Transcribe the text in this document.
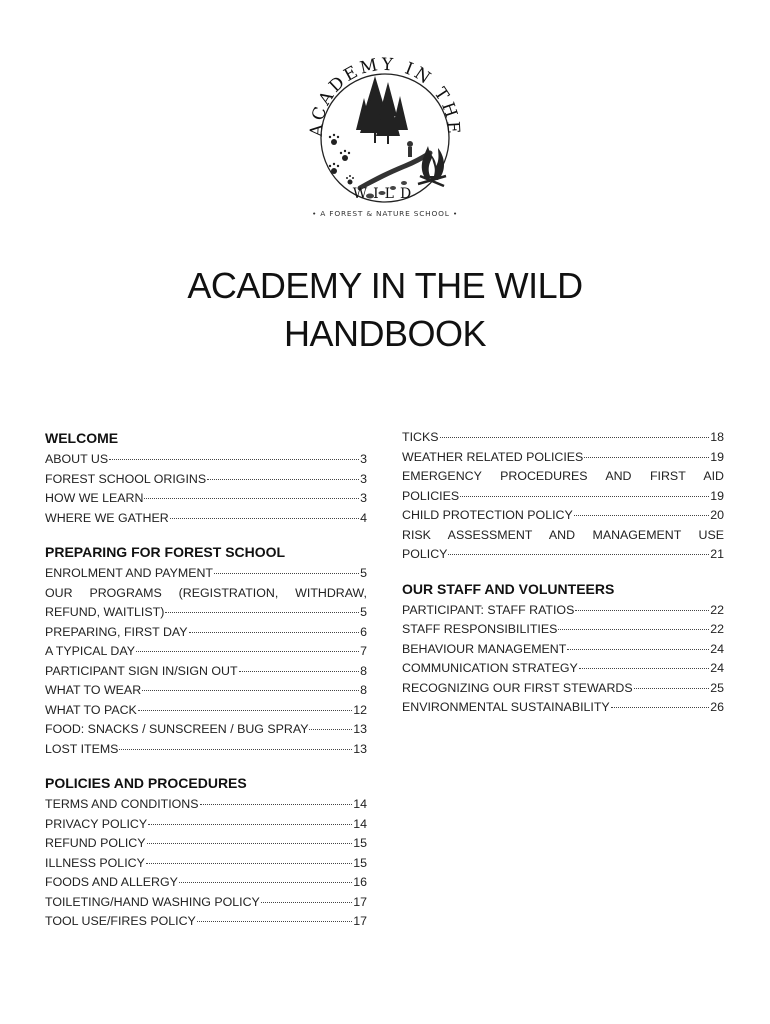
ACADEMY IN THE
WILD
• A FOREST & NATURE SCHOOL •
ACADEMY IN THE WILD
HANDBOOK
WELCOME
ABOUT US	3
FOREST SCHOOL ORIGINS	3
HOW WE LEARN	3
WHERE WE GATHER	4
PREPARING FOR FOREST SCHOOL
ENROLMENT AND PAYMENT	5
OUR PROGRAMS (REGISTRATION, WITHDRAW,
REFUND, WAITLIST)	5
PREPARING, FIRST DAY	6
A TYPICAL DAY	7
PARTICIPANT SIGN IN/SIGN OUT	8
WHAT TO WEAR	8
WHAT TO PACK	12
FOOD: SNACKS / SUNSCREEN / BUG SPRAY	13
LOST ITEMS	13
POLICIES AND PROCEDURES
TERMS AND CONDITIONS	14
PRIVACY POLICY	14
REFUND POLICY	15
ILLNESS POLICY	15
FOODS AND ALLERGY	16
TOILETING/HAND WASHING POLICY	17
TOOL USE/FIRES POLICY	17
TICKS	18
WEATHER RELATED POLICIES	19
EMERGENCY PROCEDURES AND FIRST AID
POLICIES	19
CHILD PROTECTION POLICY	20
RISK ASSESSMENT AND MANAGEMENT USE
POLICY	21
OUR STAFF AND VOLUNTEERS
PARTICIPANT: STAFF RATIOS	22
STAFF RESPONSIBILITIES	22
BEHAVIOUR MANAGEMENT	24
COMMUNICATION STRATEGY	24
RECOGNIZING OUR FIRST STEWARDS	25
ENVIRONMENTAL SUSTAINABILITY	26
